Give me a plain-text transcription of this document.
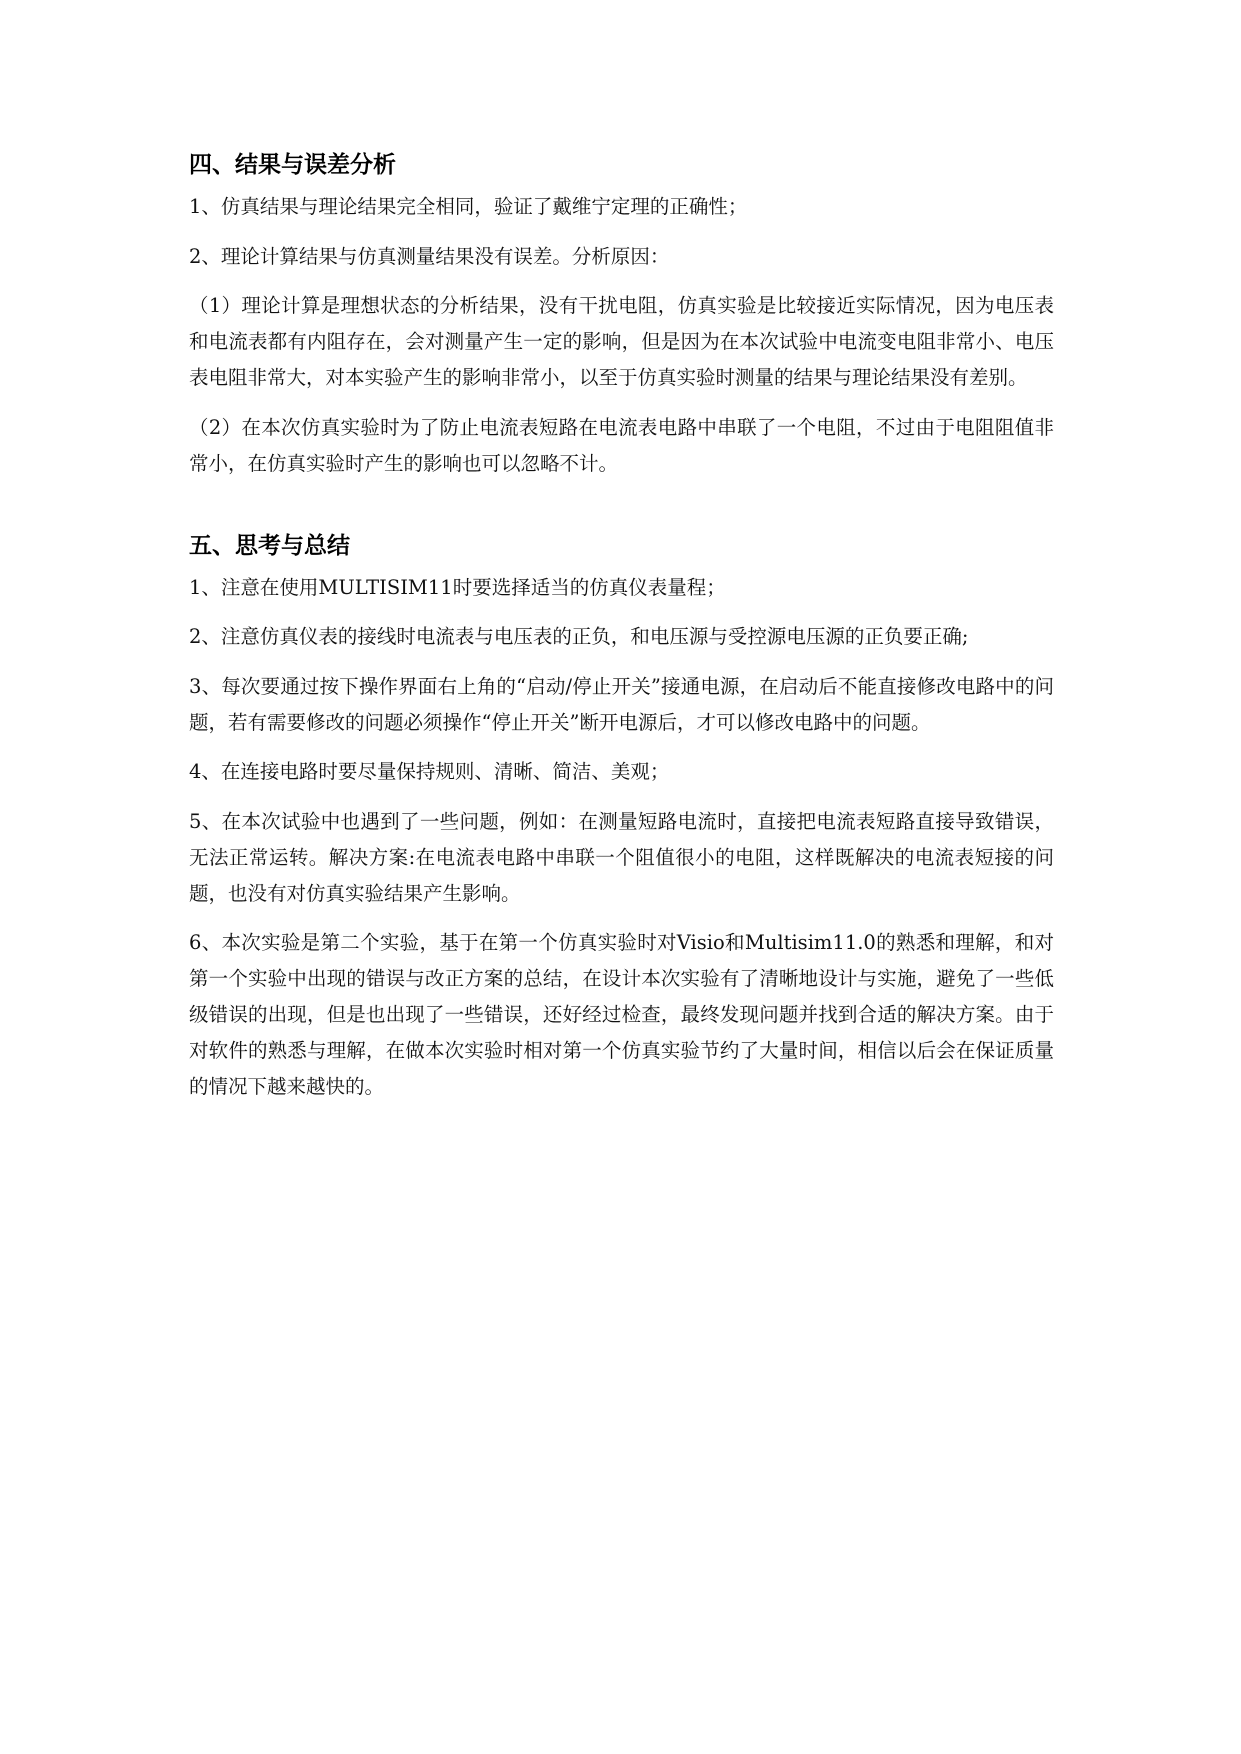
四、结果与误差分析

1、仿真结果与理论结果完全相同，验证了戴维宁定理的正确性；

2、理论计算结果与仿真测量结果没有误差。分析原因：

（1）理论计算是理想状态的分析结果，没有干扰电阻，仿真实验是比较接近实际情况，因为电压表和电流表都有内阻存在，会对测量产生一定的影响，但是因为在本次试验中电流变电阻非常小、电压表电阻非常大，对本实验产生的影响非常小，以至于仿真实验时测量的结果与理论结果没有差别。

（2）在本次仿真实验时为了防止电流表短路在电流表电路中串联了一个电阻，不过由于电阻阻值非常小，在仿真实验时产生的影响也可以忽略不计。

五、思考与总结

1、注意在使用MULTISIM11时要选择适当的仿真仪表量程；

2、注意仿真仪表的接线时电流表与电压表的正负，和电压源与受控源电压源的正负要正确;

3、每次要通过按下操作界面右上角的“启动/停止开关”接通电源，在启动后不能直接修改电路中的问题，若有需要修改的问题必须操作“停止开关”断开电源后，才可以修改电路中的问题。

4、在连接电路时要尽量保持规则、清晰、简洁、美观；

5、在本次试验中也遇到了一些问题，例如：在测量短路电流时，直接把电流表短路直接导致错误，无法正常运转。解决方案:在电流表电路中串联一个阻值很小的电阻，这样既解决的电流表短接的问题，也没有对仿真实验结果产生影响。

6、本次实验是第二个实验，基于在第一个仿真实验时对Visio和Multisim11.0的熟悉和理解，和对第一个实验中出现的错误与改正方案的总结，在设计本次实验有了清晰地设计与实施，避免了一些低级错误的出现，但是也出现了一些错误，还好经过检查，最终发现问题并找到合适的解决方案。由于对软件的熟悉与理解，在做本次实验时相对第一个仿真实验节约了大量时间，相信以后会在保证质量的情况下越来越快的。
